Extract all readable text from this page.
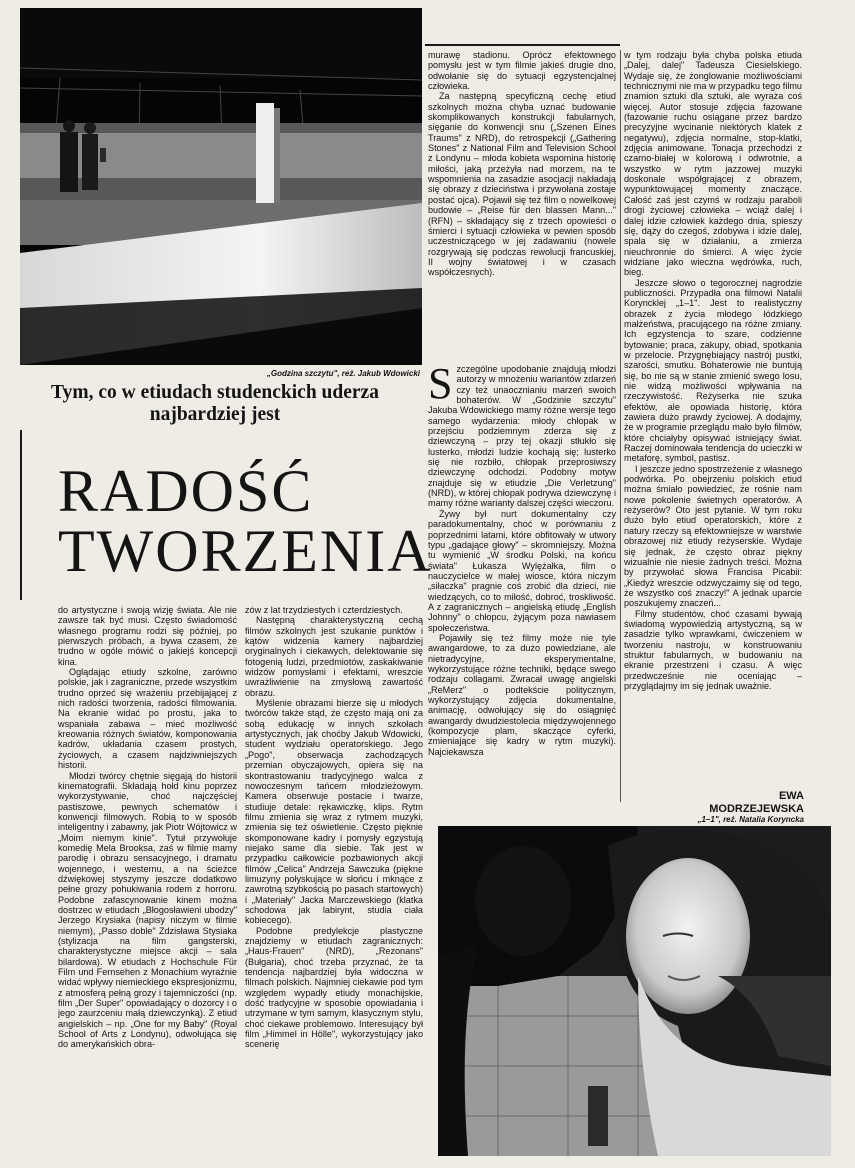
„Godzina szczytu", reż. Jakub Wdowicki
Tym, co w etiudach studenckich uderza najbardziej jest
RADOŚĆ
TWORZENIA

do artystyczne i swoją wizję świata. Ale nie zawsze tak być musi. Często świadomość własnego programu rodzi się później, po pierwszych próbach, a bywa czasem, że trudno w ogóle mówić o jakiejś koncepcji kina.

Oglądając etiudy szkolne, zarówno polskie, jak i zagraniczne, przede wszystkim trudno oprzeć się wrażeniu przebijającej z nich radości tworzenia, radości filmowania. Na ekranie widać po prostu, jaka to wspaniała zabawa – mieć możliwość kreowania różnych światów, komponowania kadrów, układania czasem prostych, życiowych, a czasem najdziwniejszych historii.

Młodzi twórcy chętnie sięgają do historii kinematografii. Składają hołd kinu poprzez wykorzystywanie, choć najczęściej pastiszowe, pewnych schematów i konwencji filmowych. Robią to w sposób inteligentny i zabawny, jak Piotr Wójtowicz w „Moim niemym kinie". Tytuł przywołuje komedię Mela Brooksa, zaś w filmie mamy parodię i obrazu sensacyjnego, i dramatu wojennego, i westernu, a na ścieżce dźwiękowej styszymy jeszcze dodatkowo pełne grozy pohukiwania rodem z horroru. Podobne zafascynowanie kinem można dostrzec w etiudach „Błogosławieni ubodzy" Jerzego Krysiaka (napisy niczym w filmie niemym), „Passo doble" Zdzisława Stysiaka (stylizacja na film gangsterski, charakterystyczne miejsce akcji – sala bilardowa). W etiudach z Hochschule Für Film und Fernsehen z Monachium wyraźnie widać wpływy niemieckiego ekspresjonizmu, z atmosferą pełną grozy i tajemniczości (np. film „Der Super" opowiadający o dozorcy i o jego zaurzceniu małą dziewczynką). Z etiud angielskich – np. „One for my Baby" (Royal School of Arts z Londynu), odwołująca się do amerykańskich obra-

zów z lat trzydziestych i czterdziestych.

Następną charakterystyczną cechą filmów szkolnych jest szukanie punktów i kątów widzenia kamery najbardziej oryginalnych i ciekawych, delektowanie się fotogenią ludzi, przedmiotów, zaskakiwanie widzów pomysłami i efektami, wreszcie uwrażliwienie na zmysłową zawartość obrazu.

Myślenie obrazami bierze się u młodych twórców także stąd, że często mają oni za sobą edukację w innych szkołach artystycznych, jak choćby Jakub Wdowicki, student wydziału operatorskiego. Jego „Pogo", obserwacja zachodzących przemian obyczajowych, opiera się na skontrastowaniu tradycyjnego walca z nowoczesnym tańcem młodzieżowym. Kamera obserwuje postacie i twarze, studiuje detale: rękawiczkę, klips. Rytm filmu zmienia się wraz z rytmem muzyki, zmienia się też oświetlenie. Często pięknie skomponowane kadry i pomysły egzystują niejako same dla siebie. Tak jest w przypadku całkowicie pozbawionych akcji filmów „Celica" Andrzeja Sawczuka (piękne limuzyny połyskujące w słońcu i mknące z zawrotną szybkością po pasach startowych) i „Materiały" Jacka Marczewskiego (klatka schodowa jak labirynt, studia ciała kobiecego).

Podobne predylekcje plastyczne znajdziemy w etiudach zagranicznych: „Haus-Frauen" (NRD), „Rezonans" (Bułgaria), choć trzeba przyznać, że ta tendencja najbardziej była widoczna w filmach polskich. Najmniej ciekawie pod tym względem wypadły etiudy monachijskie, dość tradycyjne w sposobie opowiadania i utrzymane w tym samym, klasycznym stylu, choć ciekawe problemowo. Interesujący był film „Himmel in Hölle", wykorzystujący jako scenerię

murawę stadionu. Oprócz efektownego pomysłu jest w tym filmie jakieś drugie dno, odwołanie się do sytuacji egzystencjalnej człowieka.

Za następną specyficzną cechę etiud szkolnych można chyba uznać budowanie skomplikowanych konstrukcji fabularnych, sięganie do konwencji snu („Szenen Eines Traums" z NRD), do retrospekcji („Gathering Stones" z National Film and Television School z Londynu – młoda kobieta wspomina historię miłości, jaką przeżyła nad morzem, na te wspomnienia na zasadzie asocjacji nakładają się obrazy z dzieciństwa i przywołana zostaje postać ojca). Pojawił się też film o nowelkowej budowie – „Reise für den blassen Mann..." (RFN) – składający się z trzech opowieści o śmierci i sytuacji człowieka w pewien sposób uczestniczącego w jej zadawaniu (nowele rozgrywają się podczas rewolucji francuskiej, II wojny światowej i w czasach współczesnych).

Szczególne upodobanie znajdują młodzi autorzy w mnożeniu wariantów zdarzeń czy też unaocznianiu marzeń swoich bohaterów. W „Godzinie szczytu" Jakuba Wdowickiego mamy różne wersje tego samego wydarzenia: młody chłopak w przejściu podziemnym zderza się z dziewczyną – przy tej okazji stłukło się lusterko, młodzi ludzie kochają się; lusterko się nie rozbiło, chłopak przeprosiwszy dziewczynę odchodzi. Podobny motyw znajduje się w etiudzie „Die Verletzung" (NRD), w której chłopak podrywa dziewczynę i mamy różne warianty dalszej części wieczoru.

Żywy był nurt dokumentalny czy paradokumentalny, choć w porównaniu z poprzednimi latami, które obfitowały w utwory typu „gadające głowy" – skromniejszy. Można tu wymienić „W środku Polski, na końcu świata" Łukasza Wylężałka, film o nauczycielce w małej wiosce, która niczym „siłaczka" pragnie coś zrobić dla dzieci, nie wiedzących, co to miłość, dobroć, troskliwość. A z zagranicznych – angielską etiudę „English Johnny" o chłopcu, żyjącym poza nawiasem społeczeństwa.

Pojawiły się też filmy może nie tyle awangardowe, to za dużo powiedziane, ale nietradycyjne, eksperymentalne, wykorzystujące różne techniki, będące swego rodzaju collagami. Zwracał uwagę angielski „ReMerz" o podtekście politycznym, wykorzystujący zdjęcia dokumentalne, animację, odwołujący się do osiągnięć awangardy dwudziestolecia międzywojennego (kompozycje plam, skaczące cyferki, zmieniające się kadry w rytm muzyki). Najciekawsza

w tym rodzaju była chyba polska etiuda „Dalej, dalej" Tadeusza Ciesielskiego. Wydaje się, że żonglowanie możliwościami technicznymi nie ma w przypadku tego filmu znamion sztuki dla sztuki, ale wyraża coś więcej. Autor stosuje zdjęcia fazowane (fazowanie ruchu osiągane przez bardzo precyzyjne wycinanie niektórych klatek z negatywu), zdjęcia normalne, stop-klatki, zdjęcia animowane. Tonacja przechodzi z czarno-białej w kolorową i odwrotnie, a wszystko w rytm jazzowej muzyki doskonale współgrającej z obrazem, wypunktowującej momenty znaczące. Całość zaś jest czymś w rodzaju paraboli drogi życiowej człowieka – wciąż dalej i dalej idzie człowiek każdego dnia, spieszy się, dąży do czegoś, zdobywa i idzie dalej, spala się w działaniu, a zmierza nieuchronnie do śmierci. A więc życie widziane jako wieczna wędrówka, ruch, bieg.

Jeszcze słowo o tegorocznej nagrodzie publiczności. Przypadła ona filmowi Natalii Koryncklej „1–1". Jest to realistyczny obrazek z życia młodego łódzkiego małżeństwa, pracującego na różne zmiany. Ich egzystencja to szare, codzienne bytowanie; praca, zakupy, obiad, spotkania w przelocie. Przygnębiający nastrój pustki, szarości, smutku. Bohaterowie nie buntują się, bo nie są w stanie zmienić swego losu, nie widzą możliwości wpływania na rzeczywistość. Reżyserka nie szuka efektów, ale opowiada historię, która zawiera dużo prawdy życiowej. A dodajmy, że w programie przeglądu mało było filmów, które chciałyby opisywać istniejący świat. Raczej dominowała tendencja do ucieczki w metaforę, symbol, pastisz.

I jeszcze jedno spostrzeżenie z własnego podwórka. Po obejrzeniu polskich etiud można śmiało powiedzieć, że rośnie nam nowe pokolenie świetnych operatorów. A reżyserów? Oto jest pytanie. W tym roku dużo było etiud operatorskich, które z natury rzeczy są efektowniejsze w warstwie obrazowej niż etiudy reżyserskie. Wydaje się jednak, że często obraz piękny wizualnie nie niesie żadnych treści. Można by przywołać słowa Francisa Picabii: „Kiedyż wreszcie odzwyczaimy się od tego, że wszystko coś znaczy!" A jednak uparcie poszukujemy znaczeń...

Filmy studentów, choć czasami bywają świadomą wypowiedzią artystyczną, są w zasadzie tylko wprawkami, ćwiczeniem w tworzeniu nastroju, w konstruowaniu struktur fabularnych, w budowaniu na ekranie przestrzeni i czasu. A więc przedwcześnie nie oceniając – przyglądajmy im się jednak uważnie.

EWA
MODRZEJEWSKA
„1–1", reż. Natalia Korynckа
